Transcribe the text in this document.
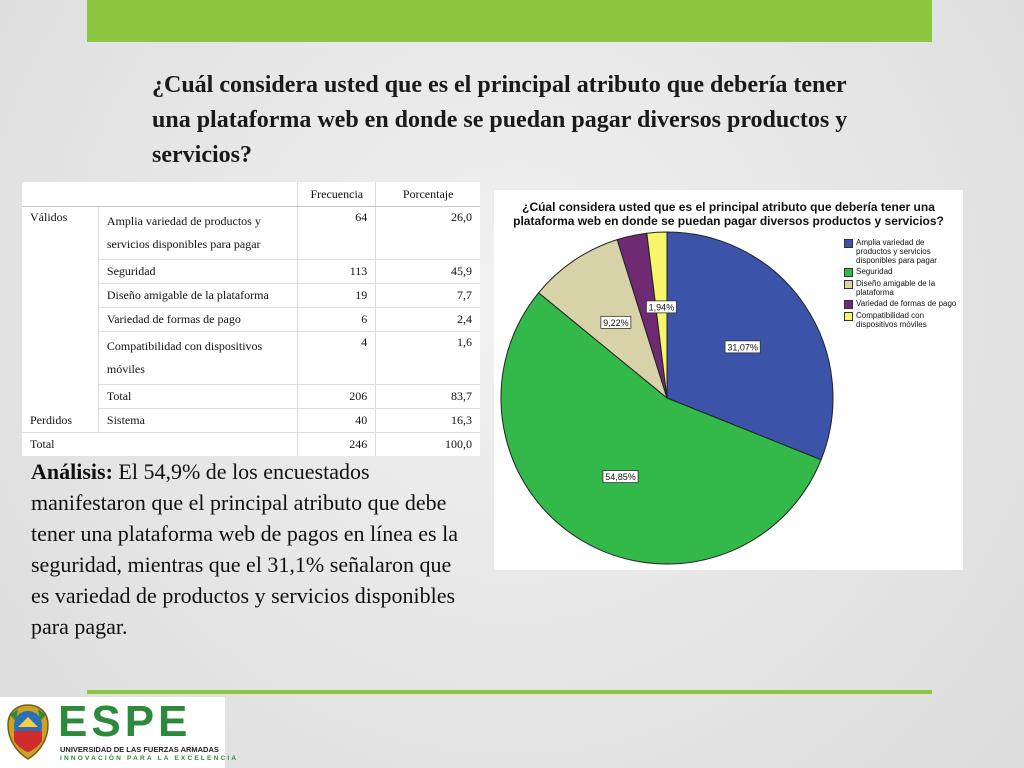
¿Cuál considera usted que es el principal atributo que debería tener una plataforma web en donde se puedan pagar diversos productos y servicios?
		Frecuencia	Porcentaje
Válidos	Amplia variedad de productos y servicios disponibles para pagar	64	26,0
	Seguridad	113	45,9
	Diseño amigable de la plataforma	19	7,7
	Variedad de formas de pago	6	2,4
	Compatibilidad con dispositivos móviles	4	1,6
	Total	206	83,7
Perdidos	Sistema	40	16,3
Total		246	100,0
Análisis: El 54,9% de los encuestados manifestaron que el principal atributo que debe tener una plataforma web de pagos en línea es la seguridad, mientras que el 31,1% señalaron que es variedad de productos y servicios disponibles para pagar.
¿Cúal considera usted que es el principal atributo que debería tener una plataforma web en donde se puedan pagar diversos productos y servicios?
31,07%
54,85%
9,22%
1,94%
Amplia variedad de productos y servicios disponibles para pagar
Seguridad
Diseño amigable de la plataforma
Variedad de formas de pago
Compatibilidad con dispositivos móviles
ESPE
UNIVERSIDAD DE LAS FUERZAS ARMADAS
INNOVACIÓN PARA LA EXCELENCIA
